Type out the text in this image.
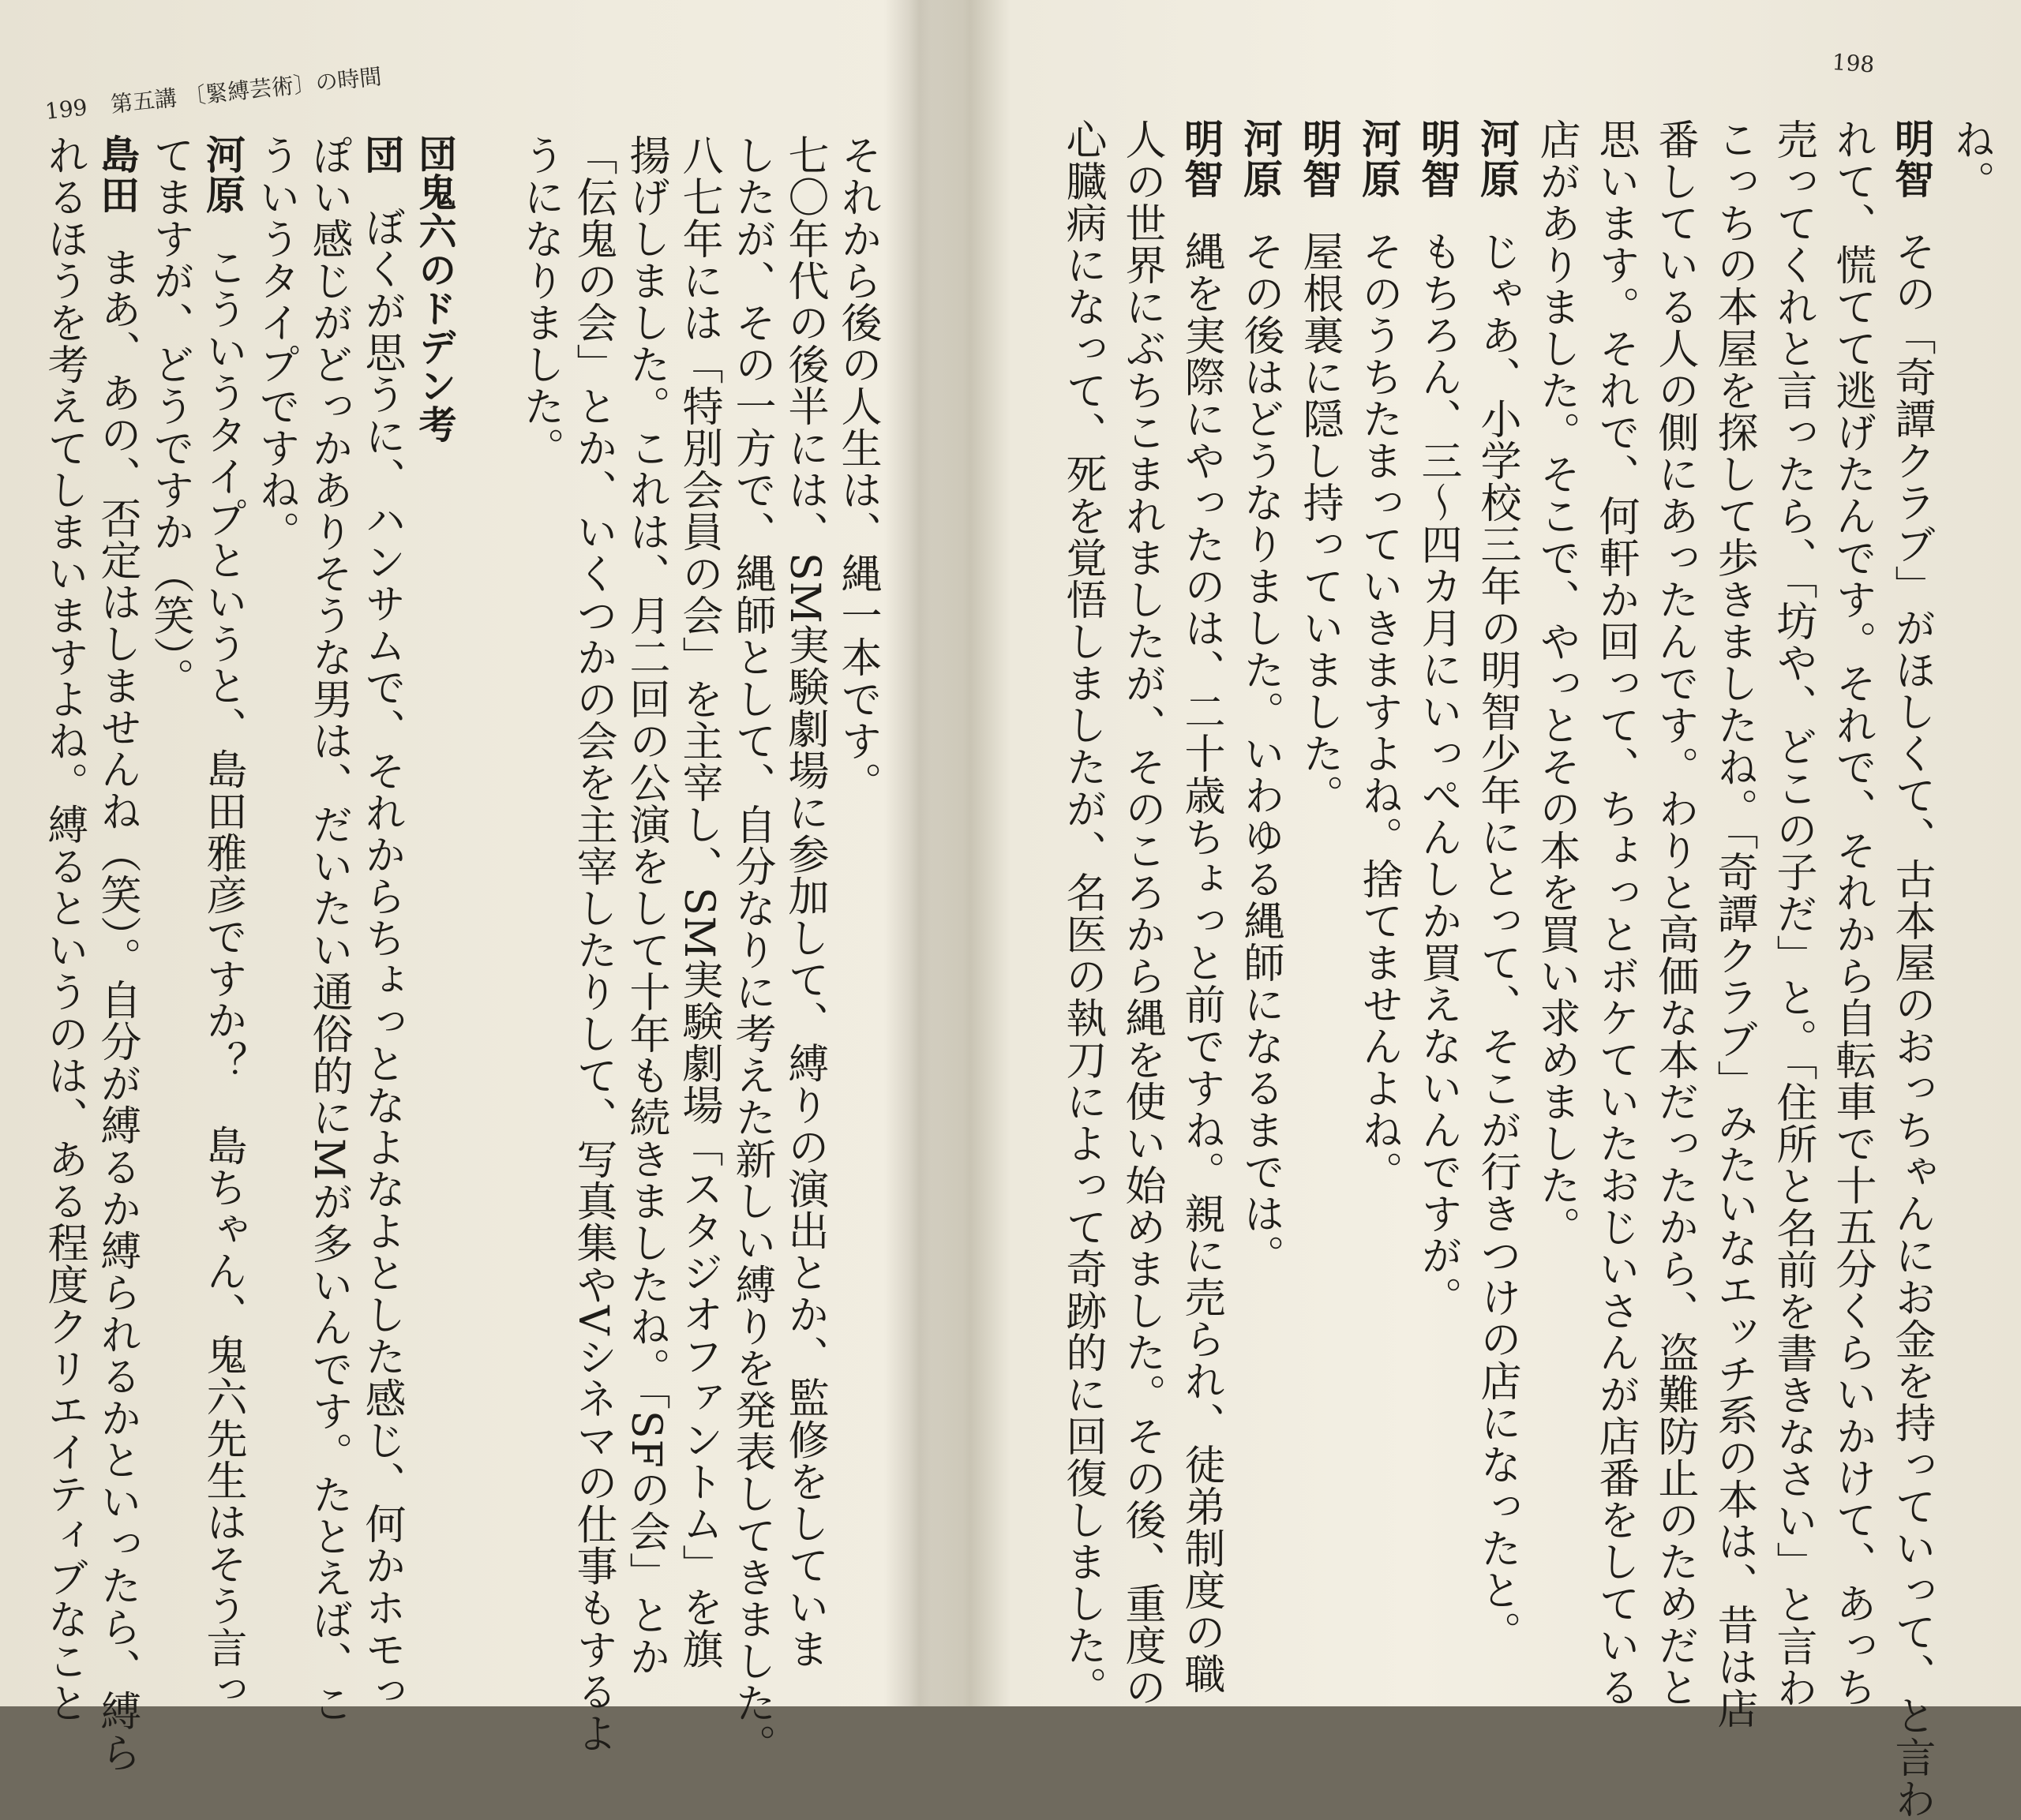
199 第五講 〔緊縛芸術〕の時間	198
それから後の人生は、縄一本です。
七〇年代の後半には、SM実験劇場に参加して、縛りの演出とか、監修をしていま
したが、その一方で、縄師として、自分なりに考えた新しい縛りを発表してきました。
八七年には「特別会員の会」を主宰し、SM実験劇場「スタジオファントム」を旗
揚げしました。これは、月二回の公演をして十年も続きましたね。「SFの会」とか
「伝鬼の会」とか、いくつかの会を主宰したりして、写真集やVシネマの仕事もするよ
うになりました。
団鬼六のドデン考
団ぼくが思うに、ハンサムで、それからちょっとなよなよとした感じ、何かホモっ
ぽい感じがどっかありそうな男は、だいたい通俗的にMが多いんです。たとえば、こ
ういうタイプですね。
河原こういうタイプというと、島田雅彦ですか？　島ちゃん、鬼六先生はそう言っ
てますが、どうですか（笑）。
島田まあ、あの、否定はしませんね（笑）。自分が縛るか縛られるかといったら、縛ら
れるほうを考えてしまいますよね。縛るというのは、ある程度クリエイティブなこと	ね。
明智その「奇譚クラブ」がほしくて、古本屋のおっちゃんにお金を持っていって、と言わ
れて、慌てて逃げたんです。それで、それから自転車で十五分くらいかけて、あっち
売ってくれと言ったら、「坊や、どこの子だ」と。「住所と名前を書きなさい」と言わ
こっちの本屋を探して歩きましたね。「奇譚クラブ」みたいなエッチ系の本は、昔は店
番している人の側にあったんです。わりと高価な本だったから、盗難防止のためだと
思います。それで、何軒か回って、ちょっとボケていたおじいさんが店番をしている
店がありました。そこで、やっとその本を買い求めました。
河原じゃあ、小学校三年の明智少年にとって、そこが行きつけの店になったと。
明智もちろん、三～四カ月にいっぺんしか買えないんですが。
河原そのうちたまっていきますよね。捨てませんよね。
明智屋根裏に隠し持っていました。
河原その後はどうなりました。いわゆる縄師になるまでは。
明智縄を実際にやったのは、二十歳ちょっと前ですね。親に売られ、徒弟制度の職
人の世界にぶちこまれましたが、そのころから縄を使い始めました。その後、重度の
心臓病になって、死を覚悟しましたが、名医の執刀によって奇跡的に回復しました。
